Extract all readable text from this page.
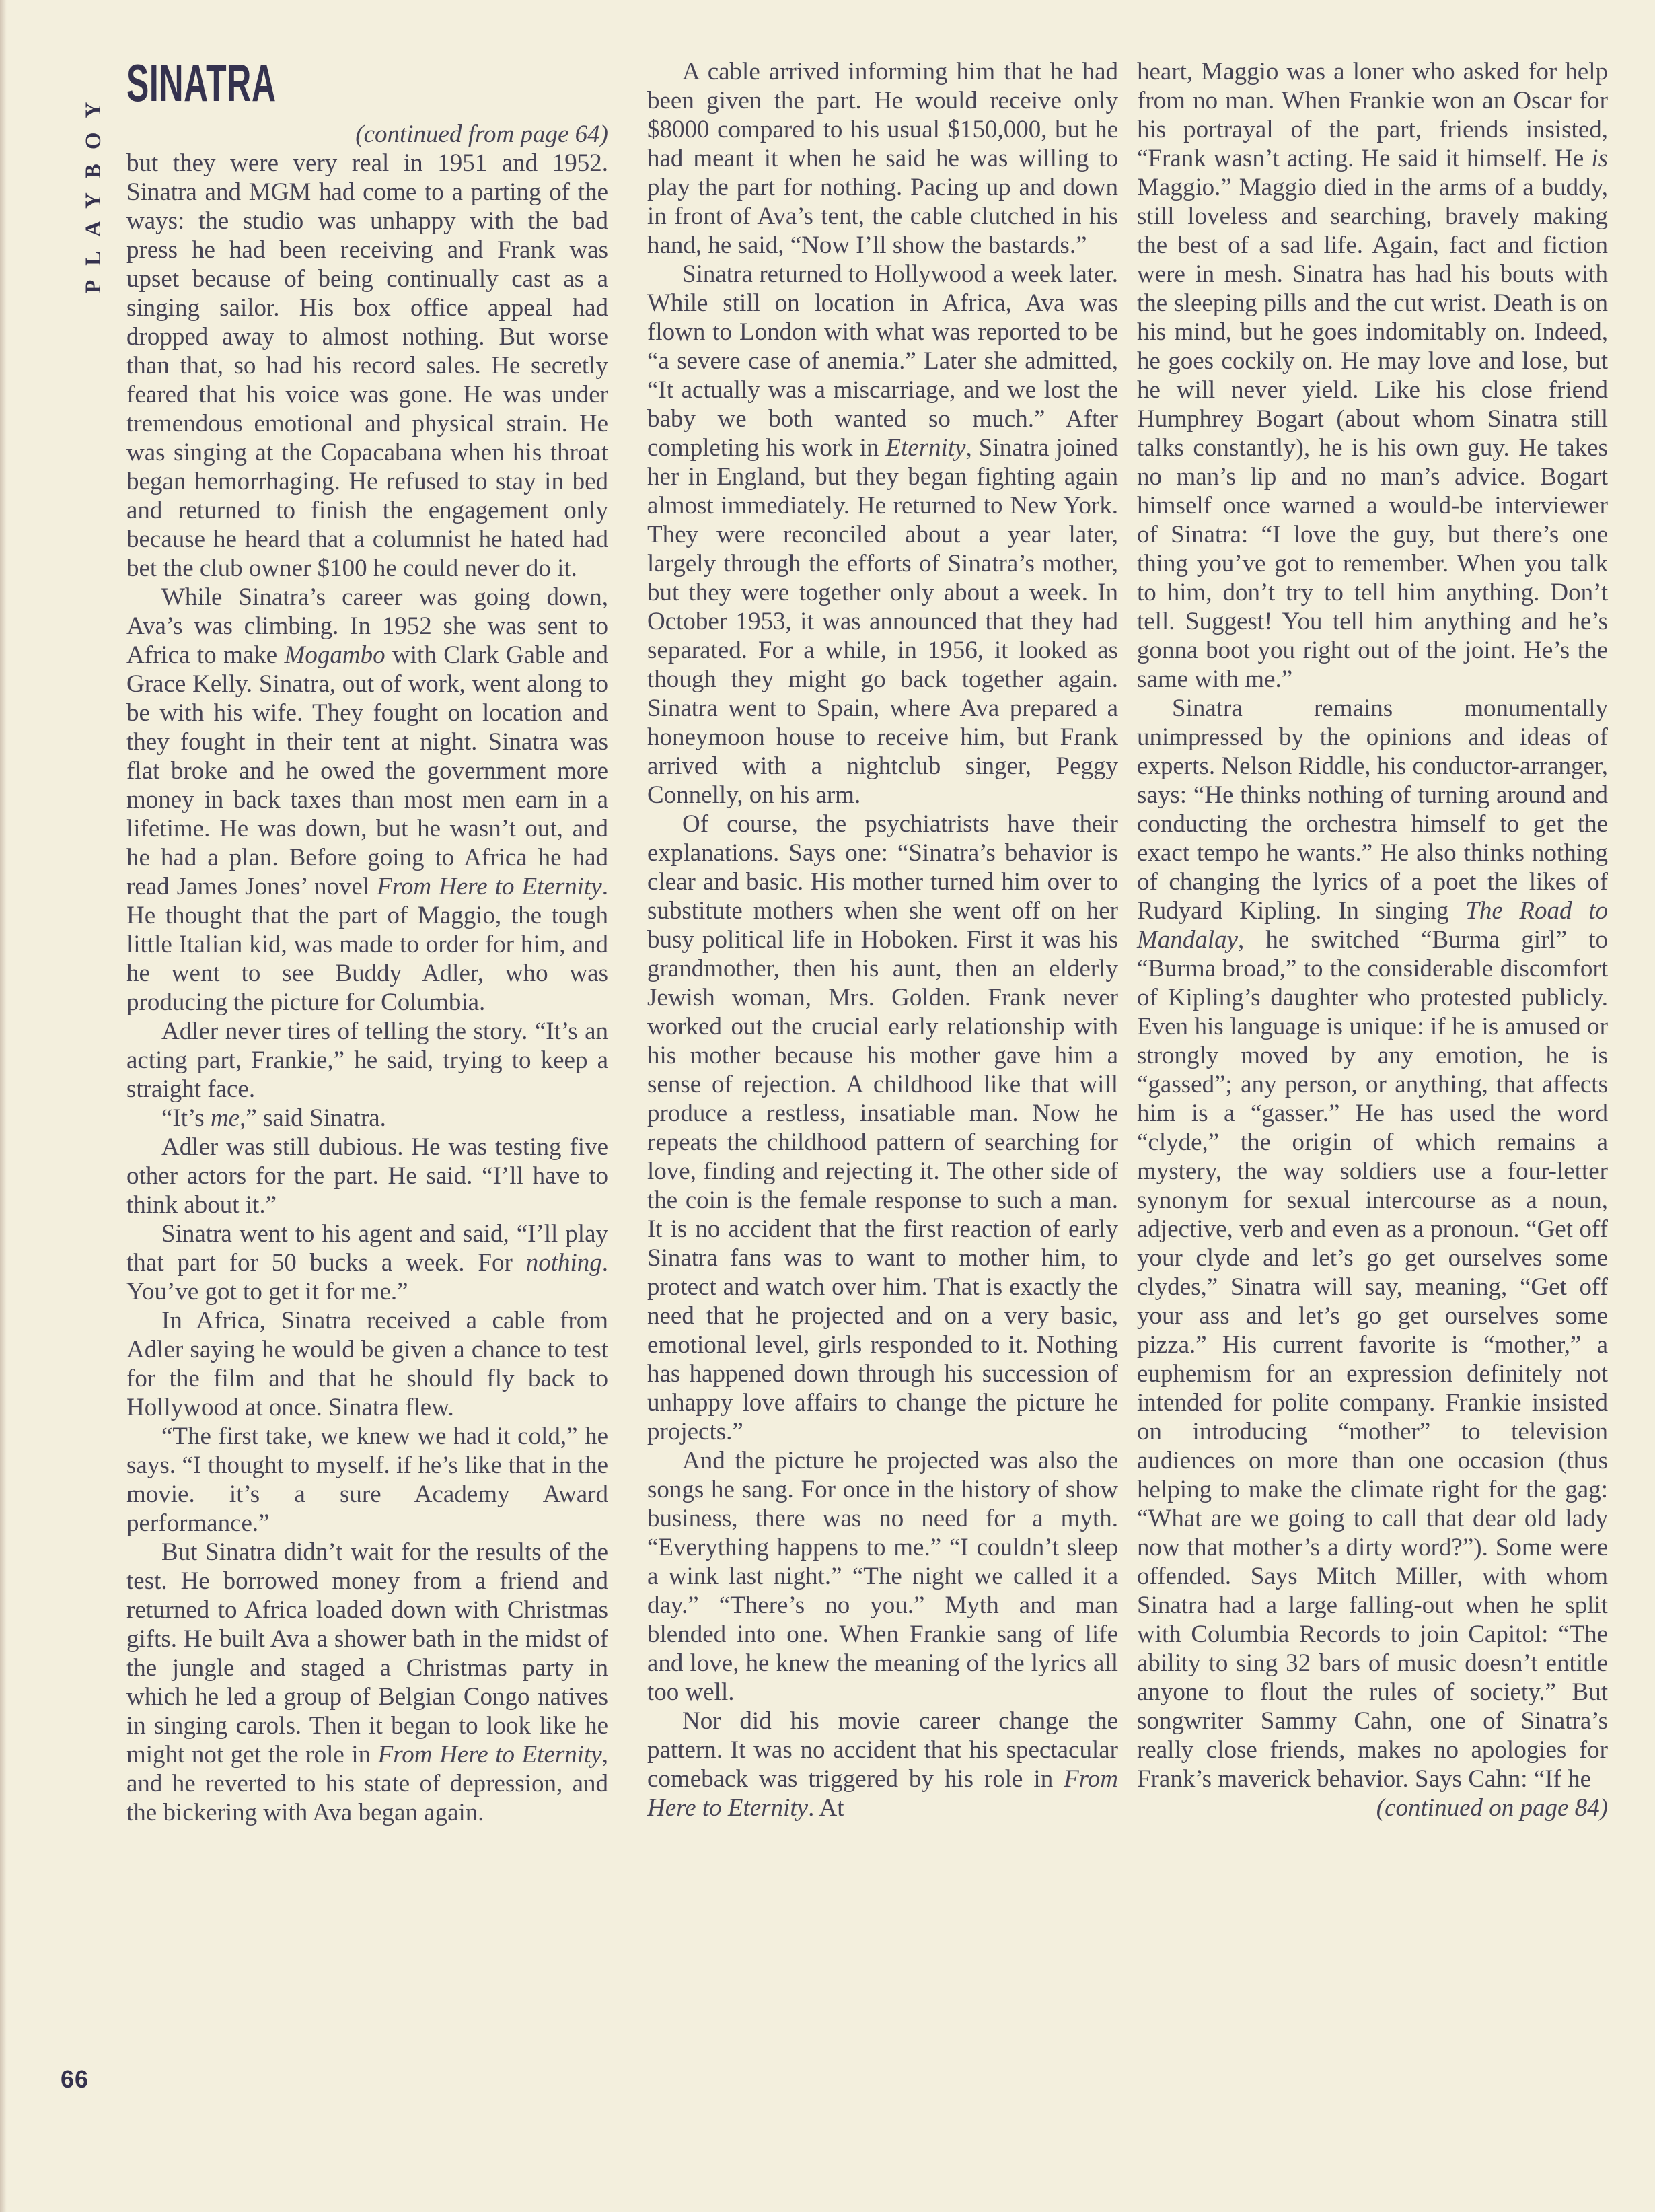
PLAYBOY
SINATRA
(continued from page 64)

but they were very real in 1951 and 1952. Sinatra and MGM had come to a parting of the ways: the studio was unhappy with the bad press he had been receiving and Frank was upset because of being continually cast as a singing sailor. His box office appeal had dropped away to almost nothing. But worse than that, so had his record sales. He secretly feared that his voice was gone. He was under tremendous emotional and physical strain. He was singing at the Copacabana when his throat began hemorrhaging. He refused to stay in bed and returned to finish the engagement only because he heard that a columnist he hated had bet the club owner $100 he could never do it.

While Sinatra’s career was going down, Ava’s was climbing. In 1952 she was sent to Africa to make Mogambo with Clark Gable and Grace Kelly. Sinatra, out of work, went along to be with his wife. They fought on location and they fought in their tent at night. Sinatra was flat broke and he owed the government more money in back taxes than most men earn in a lifetime. He was down, but he wasn’t out, and he had a plan. Before going to Africa he had read James Jones’ novel From Here to Eternity. He thought that the part of Maggio, the tough little Italian kid, was made to order for him, and he went to see Buddy Adler, who was producing the picture for Columbia.

Adler never tires of telling the story. “It’s an acting part, Frankie,” he said, trying to keep a straight face.

“It’s me,” said Sinatra.

Adler was still dubious. He was testing five other actors for the part. He said. “I’ll have to think about it.”

Sinatra went to his agent and said, “I’ll play that part for 50 bucks a week. For nothing. You’ve got to get it for me.”

In Africa, Sinatra received a cable from Adler saying he would be given a chance to test for the film and that he should fly back to Hollywood at once. Sinatra flew.

“The first take, we knew we had it cold,” he says. “I thought to myself. if he’s like that in the movie. it’s a sure Academy Award performance.”

But Sinatra didn’t wait for the results of the test. He borrowed money from a friend and returned to Africa loaded down with Christmas gifts. He built Ava a shower bath in the midst of the jungle and staged a Christmas party in which he led a group of Belgian Congo natives in singing carols. Then it began to look like he might not get the role in From Here to Eternity, and he reverted to his state of depression, and the bickering with Ava began again.

A cable arrived informing him that he had been given the part. He would receive only $8000 compared to his usual $150,000, but he had meant it when he said he was willing to play the part for nothing. Pacing up and down in front of Ava’s tent, the cable clutched in his hand, he said, “Now I’ll show the bastards.”

Sinatra returned to Hollywood a week later. While still on location in Africa, Ava was flown to London with what was reported to be “a severe case of anemia.” Later she admitted, “It actually was a miscarriage, and we lost the baby we both wanted so much.” After completing his work in Eternity, Sinatra joined her in England, but they began fighting again almost immediately. He returned to New York. They were reconciled about a year later, largely through the efforts of Sinatra’s mother, but they were together only about a week. In October 1953, it was announced that they had separated. For a while, in 1956, it looked as though they might go back together again. Sinatra went to Spain, where Ava prepared a honeymoon house to receive him, but Frank arrived with a nightclub singer, Peggy Connelly, on his arm.

Of course, the psychiatrists have their explanations. Says one: “Sinatra’s behavior is clear and basic. His mother turned him over to substitute mothers when she went off on her busy political life in Hoboken. First it was his grandmother, then his aunt, then an elderly Jewish woman, Mrs. Golden. Frank never worked out the crucial early relationship with his mother because his mother gave him a sense of rejection. A childhood like that will produce a restless, insatiable man. Now he repeats the childhood pattern of searching for love, finding and rejecting it. The other side of the coin is the female response to such a man. It is no accident that the first reaction of early Sinatra fans was to want to mother him, to protect and watch over him. That is exactly the need that he projected and on a very basic, emotional level, girls responded to it. Nothing has happened down through his succession of unhappy love affairs to change the picture he projects.”

And the picture he projected was also the songs he sang. For once in the history of show business, there was no need for a myth. “Everything happens to me.” “I couldn’t sleep a wink last night.” “The night we called it a day.” “There’s no you.” Myth and man blended into one. When Frankie sang of life and love, he knew the meaning of the lyrics all too well.

Nor did his movie career change the pattern. It was no accident that his spectacular comeback was triggered by his role in From Here to Eternity. At

heart, Maggio was a loner who asked for help from no man. When Frankie won an Oscar for his portrayal of the part, friends insisted, “Frank wasn’t acting. He said it himself. He is Maggio.” Maggio died in the arms of a buddy, still loveless and searching, bravely making the best of a sad life. Again, fact and fiction were in mesh. Sinatra has had his bouts with the sleeping pills and the cut wrist. Death is on his mind, but he goes indomitably on. Indeed, he goes cockily on. He may love and lose, but he will never yield. Like his close friend Humphrey Bogart (about whom Sinatra still talks constantly), he is his own guy. He takes no man’s lip and no man’s advice. Bogart himself once warned a would-be interviewer of Sinatra: “I love the guy, but there’s one thing you’ve got to remember. When you talk to him, don’t try to tell him anything. Don’t tell. Suggest! You tell him anything and he’s gonna boot you right out of the joint. He’s the same with me.”

Sinatra remains monumentally unimpressed by the opinions and ideas of experts. Nelson Riddle, his conductor-arranger, says: “He thinks nothing of turning around and conducting the orchestra himself to get the exact tempo he wants.” He also thinks nothing of changing the lyrics of a poet the likes of Rudyard Kipling. In singing The Road to Mandalay, he switched “Burma girl” to “Burma broad,” to the considerable discomfort of Kipling’s daughter who protested publicly. Even his language is unique: if he is amused or strongly moved by any emotion, he is “gassed”; any person, or anything, that affects him is a “gasser.” He has used the word “clyde,” the origin of which remains a mystery, the way soldiers use a four-letter synonym for sexual intercourse as a noun, adjective, verb and even as a pronoun. “Get off your clyde and let’s go get ourselves some clydes,” Sinatra will say, meaning, “Get off your ass and let’s go get ourselves some pizza.” His current favorite is “mother,” a euphemism for an expression definitely not intended for polite company. Frankie insisted on introducing “mother” to television audiences on more than one occasion (thus helping to make the climate right for the gag: “What are we going to call that dear old lady now that mother’s a dirty word?”). Some were offended. Says Mitch Miller, with whom Sinatra had a large falling-out when he split with Columbia Records to join Capitol: “The ability to sing 32 bars of music doesn’t entitle anyone to flout the rules of society.” But songwriter Sammy Cahn, one of Sinatra’s really close friends, makes no apologies for Frank’s maverick behavior. Says Cahn: “If he

(continued on page 84)
66
